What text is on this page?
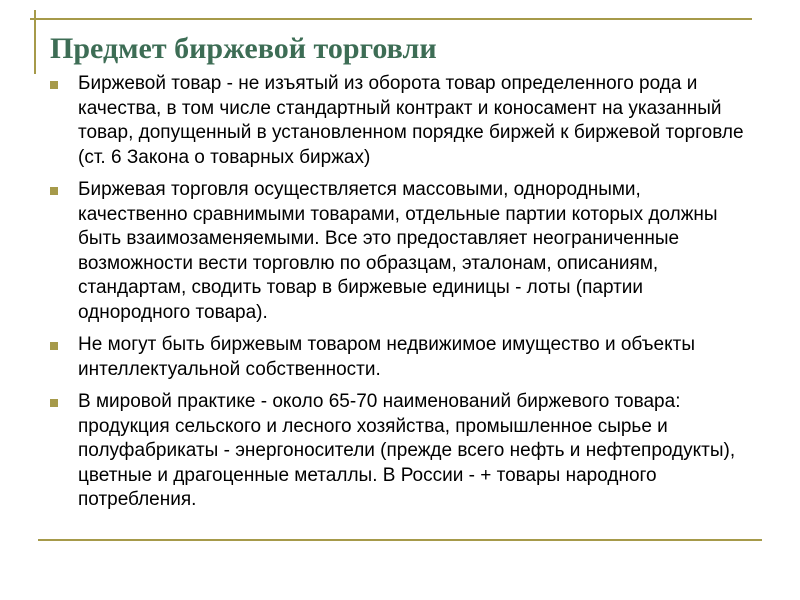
Предмет биржевой торговли
Биржевой товар - не изъятый из оборота товар определенного рода и качества, в том числе стандартный контракт и коносамент на указанный товар, допущенный в установленном порядке биржей к биржевой торговле (ст. 6 Закона о товарных биржах)
Биржевая торговля осуществляется массовыми, однородными, качественно сравнимыми товарами, отдельные партии которых должны быть взаимозаменяемыми. Все это предоставляет неограниченные возможности вести торговлю по образцам, эталонам, описаниям, стандартам, сводить товар в биржевые единицы - лоты (партии однородного товара).
Не могут быть биржевым товаром недвижимое имущество и объекты интеллектуальной собственности.
В мировой практике - около 65-70 наименований биржевого товара: продукция сельского и лесного хозяйства, промышленное сырье и полуфабрикаты - энергоносители (прежде всего нефть и нефтепродукты), цветные и драгоценные металлы. В России - + товары народного потребления.
